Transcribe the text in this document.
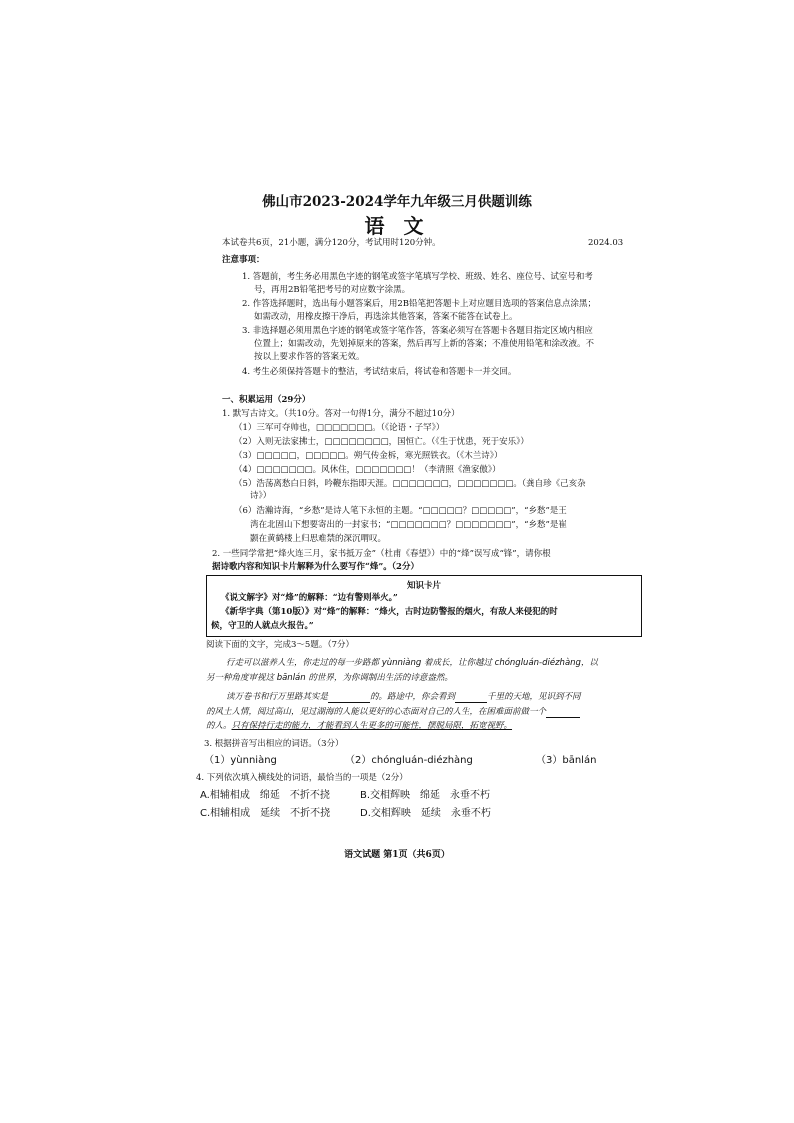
佛山市2023-2024学年九年级三月供题训练
语 文
本试卷共6页，21小题，满分120分，考试用时120分钟。	2024.03
注意事项：
1. 答题前，考生务必用黑色字迹的钢笔或签字笔填写学校、班级、姓名、座位号、试室号和考
号，再用2B铅笔把考号的对应数字涂黑。
2. 作答选择题时，选出每小题答案后，用2B铅笔把答题卡上对应题目选项的答案信息点涂黑；
如需改动，用橡皮擦干净后，再选涂其他答案，答案不能答在试卷上。
3. 非选择题必须用黑色字迹的钢笔或签字笔作答，答案必须写在答题卡各题目指定区域内相应
位置上；如需改动，先划掉原来的答案，然后再写上新的答案；不准使用铅笔和涂改液。不
按以上要求作答的答案无效。
4. 考生必须保持答题卡的整洁，考试结束后，将试卷和答题卡一并交回。
一、积累运用（29分）
1. 默写古诗文。（共10分。答对一句得1分，满分不超过10分）
（1）三军可夺帅也，□□□□□□□。（《论语・子罕》）
（2）入则无法家拂士，□□□□□□□□，国恒亡。（《生于忧患，死于安乐》）
（3）□□□□□，□□□□□。朔气传金柝，寒光照铁衣。（《木兰诗》）
（4）□□□□□□□。风休住，□□□□□□□！（李清照《渔家傲》）
（5）浩荡离愁白日斜，吟鞭东指即天涯。□□□□□□□，□□□□□□□。（龚自珍《己亥杂
诗》）
（6）浩瀚诗海，“乡愁”是诗人笔下永恒的主题。“□□□□□？□□□□□”，“乡愁”是王
湾在北固山下想要寄出的一封家书；“□□□□□□□？□□□□□□□”，“乡愁”是崔
颢在黄鹤楼上归思难禁的深沉喟叹。
2. 一些同学常把“烽火连三月，家书抵万金”（杜甫《春望》）中的“烽”误写成“锋”，请你根
据诗歌内容和知识卡片解释为什么要写作“烽”。（2分）
知识卡片
《说文解字》对“烽”的解释：“边有警则举火。”
《新华字典（第10版）》对“烽”的解释：“烽火，古时边防警报的烟火，有敌人来侵犯的时
候，守卫的人就点火报告。”
阅读下面的文字，完成3～5题。（7分）
行走可以滋养人生，你走过的每一步路都 yùnniàng 着成长，让你越过 chóngluán-diézhàng，以
另一种角度审视这 bānlán 的世界，为你调制出生活的诗意盎然。
读万卷书和行万里路其实是	的。路途中，你会看到	千里的天地，见识到不同
的风土人情，阅过高山，见过湖海的人能以更好的心态面对自己的人生，在困难面前做一个
的人。只有保持行走的能力，才能看到人生更多的可能性，摆脱局限，拓宽视野。
3. 根据拼音写出相应的词语。（3分）
（1）yùnniàng	（2）chóngluán-diézhàng	（3）bānlán
4. 下列依次填入横线处的词语，最恰当的一项是（2分）
A.相辅相成　绵延　不折不挠	B.交相辉映　绵延　永垂不朽
C.相辅相成　延续　不折不挠	D.交相辉映　延续　永垂不朽
语文试题 第1页（共6页）
